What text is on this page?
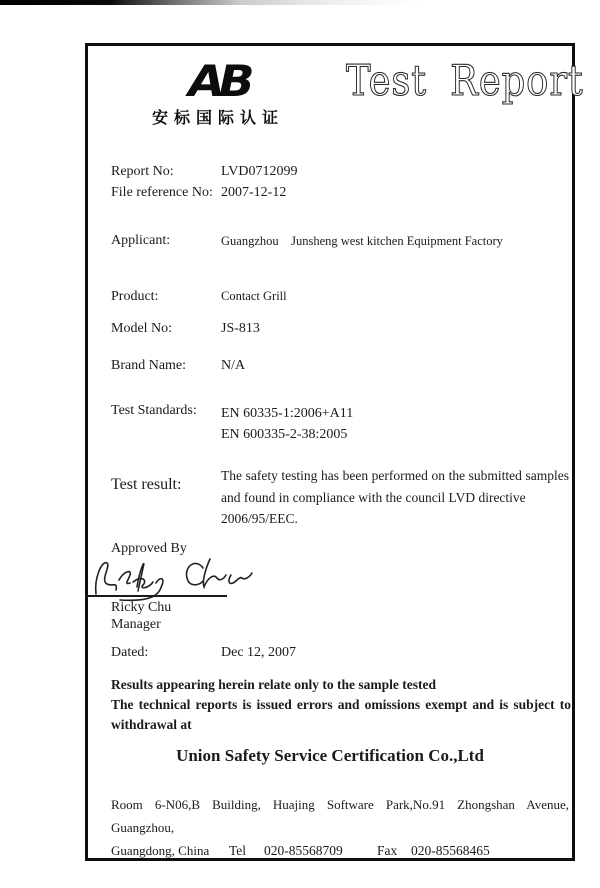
AB
安标国际认证
Test Report
Report No:	LVD0712099
File reference No: 2007-12-12
Applicant:	Guangzhou    Junsheng west kitchen Equipment Factory
Product:	Contact Grill
Model No:	JS-813
Brand Name: N/A
Test Standards: EN 60335-1:2006+A11
EN 600335-2-38:2005
Test result:
The safety testing has been performed on the submitted samples
and found in compliance with the council LVD directive
2006/95/EEC.
Approved By
Ricky Chu
Manager
Dated:	Dec 12, 2007
Results appearing herein relate only to the sample tested
The technical reports is issued errors and omissions exempt and is subject to
withdrawal at
Union Safety Service Certification Co.,Ltd
Room 6-N06,B Building, Huajing Software Park,No.91 Zhongshan Avenue, Guangzhou,
Guangdong, China	Tel 020-85568709	Fax 020-85568465
